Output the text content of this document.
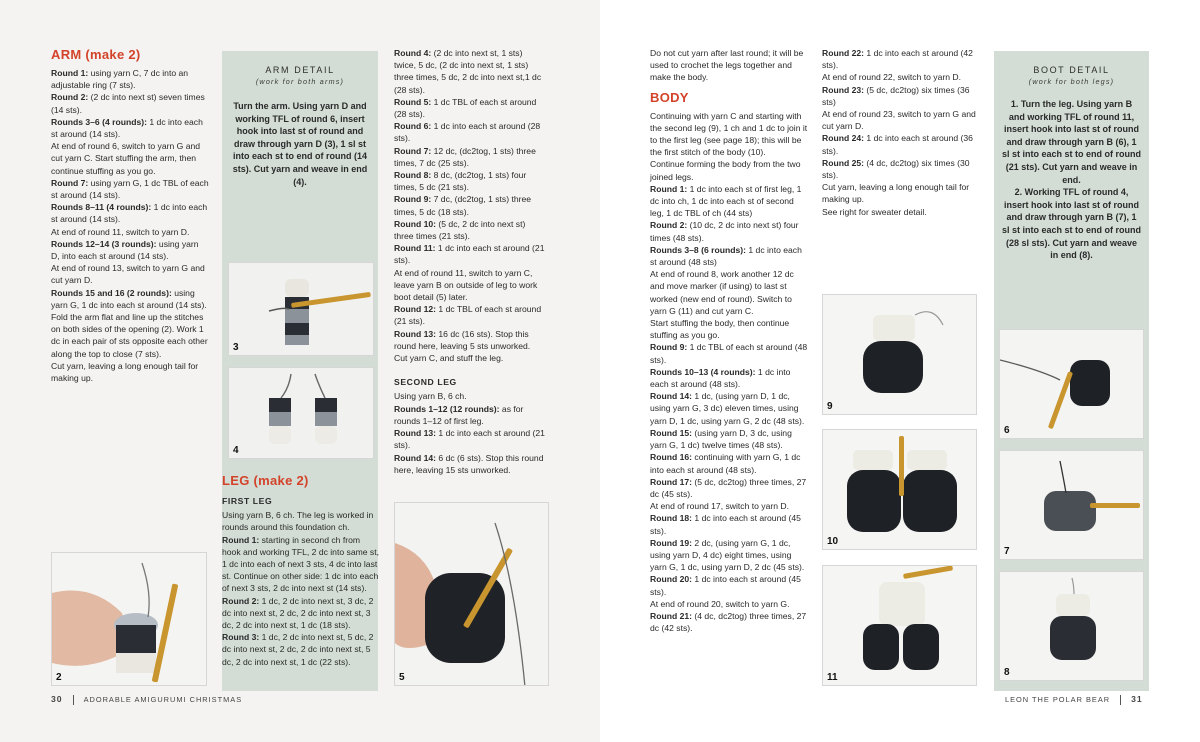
ARM (make 2)

Round 1: using yarn C, 7 dc into an adjustable ring (7 sts).

Round 2: (2 dc into next st) seven times (14 sts).

Rounds 3–6 (4 rounds): 1 dc into each st around (14 sts).

At end of round 6, switch to yarn G and cut yarn C. Start stuffing the arm, then continue stuffing as you go.

Round 7: using yarn G, 1 dc TBL of each st around (14 sts).

Rounds 8–11 (4 rounds): 1 dc into each st around (14 sts).

At end of round 11, switch to yarn D.

Rounds 12–14 (3 rounds): using yarn D, into each st around (14 sts).

At end of round 13, switch to yarn G and cut yarn D.

Rounds 15 and 16 (2 rounds): using yarn G, 1 dc into each st around (14 sts).

Fold the arm flat and line up the stitches on both sides of the opening (2). Work 1 dc in each pair of sts opposite each other along the top to close (7 sts).

Cut yarn, leaving a long enough tail for making up.

ARM DETAIL
(work for both arms)
Turn the arm. Using yarn D and working TFL of round 6, insert hook into last st of round and draw through yarn D (3), 1 sl st into each st to end of round (14 sts). Cut yarn and weave in end (4).
3
4
LEG (make 2)
FIRST LEG

Using yarn B, 6 ch. The leg is worked in rounds around this foundation ch.

Round 1: starting in second ch from hook and working TFL, 2 dc into same st, 1 dc into each of next 3 sts, 4 dc into last st. Continue on other side: 1 dc into each of next 3 sts, 2 dc into next st (14 sts).

Round 2: 1 dc, 2 dc into next st, 3 dc, 2 dc into next st, 2 dc, 2 dc into next st, 3 dc, 2 dc into next st, 1 dc (18 sts).

Round 3: 1 dc, 2 dc into next st, 5 dc, 2 dc into next st, 2 dc, 2 dc into next st, 5 dc, 2 dc into next st, 1 dc (22 sts).

2

Round 4: (2 dc into next st, 1 sts) twice, 5 dc, (2 dc into next st, 1 sts) three times, 5 dc, 2 dc into next st,1 dc (28 sts).

Round 5: 1 dc TBL of each st around (28 sts).

Round 6: 1 dc into each st around (28 sts).

Round 7: 12 dc, (dc2tog, 1 sts) three times, 7 dc (25 sts).

Round 8: 8 dc, (dc2tog, 1 sts) four times, 5 dc (21 sts).

Round 9: 7 dc, (dc2tog, 1 sts) three times, 5 dc (18 sts).

Round 10: (5 dc, 2 dc into next st) three times (21 sts).

Round 11: 1 dc into each st around (21 sts).

At end of round 11, switch to yarn C, leave yarn B on outside of leg to work boot detail (5) later.

Round 12: 1 dc TBL of each st around (21 sts).

Round 13: 16 dc (16 sts). Stop this round here, leaving 5 sts unworked.

Cut yarn C, and stuff the leg.

SECOND LEG

Using yarn B, 6 ch.

Rounds 1–12 (12 rounds): as for rounds 1–12 of first leg.

Round 13: 1 dc into each st around (21 sts).

Round 14: 6 dc (6 sts). Stop this round here, leaving 15 sts unworked.

5
30	ADORABLE AMIGURUMI CHRISTMAS

Do not cut yarn after last round; it will be used to crochet the legs together and make the body.

BODY

Continuing with yarn C and starting with the second leg (9), 1 ch and 1 dc to join it to the first leg (see page 18); this will be the first stitch of the body (10).

Continue forming the body from the two joined legs.

Round 1: 1 dc into each st of first leg, 1 dc into ch, 1 dc into each st of second leg, 1 dc TBL of ch (44 sts)

Round 2: (10 dc, 2 dc into next st) four times (48 sts).

Rounds 3–8 (6 rounds): 1 dc into each st around (48 sts)

At end of round 8, work another 12 dc and move marker (if using) to last st worked (new end of round). Switch to yarn G (11) and cut yarn C.

Start stuffing the body, then continue stuffing as you go.

Round 9: 1 dc TBL of each st around (48 sts).

Rounds 10–13 (4 rounds): 1 dc into each st around (48 sts).

Round 14: 1 dc, (using yarn D, 1 dc, using yarn G, 3 dc) eleven times, using yarn D, 1 dc, using yarn G, 2 dc (48 sts).

Round 15: (using yarn D, 3 dc, using yarn G, 1 dc) twelve times (48 sts).

Round 16: continuing with yarn G, 1 dc into each st around (48 sts).

Round 17: (5 dc, dc2tog) three times, 27 dc (45 sts).

At end of round 17, switch to yarn D.

Round 18: 1 dc into each st around (45 sts).

Round 19: 2 dc, (using yarn G, 1 dc, using yarn D, 4 dc) eight times, using yarn G, 1 dc, using yarn D, 2 dc (45 sts).

Round 20: 1 dc into each st around (45 sts).

At end of round 20, switch to yarn G.

Round 21: (4 dc, dc2tog) three times, 27 dc (42 sts).

Round 22: 1 dc into each st around (42 sts).

At end of round 22, switch to yarn D.

Round 23: (5 dc, dc2tog) six times (36 sts)

At end of round 23, switch to yarn G and cut yarn D.

Round 24: 1 dc into each st around (36 sts).

Round 25: (4 dc, dc2tog) six times (30 sts).

Cut yarn, leaving a long enough tail for making up.

See right for sweater detail.

9
10
11
BOOT DETAIL
(work for both legs)
1. Turn the leg. Using yarn B and working TFL of round 11, insert hook into last st of round and draw through yarn B (6), 1 sl st into each st to end of round (21 sts). Cut yarn and weave in end.
2. Working TFL of round 4, insert hook into last st of round and draw through yarn B (7), 1 sl st into each st to end of round (28 sl sts). Cut yarn and weave in end (8).
6
7
8
LEON THE POLAR BEAR 31
